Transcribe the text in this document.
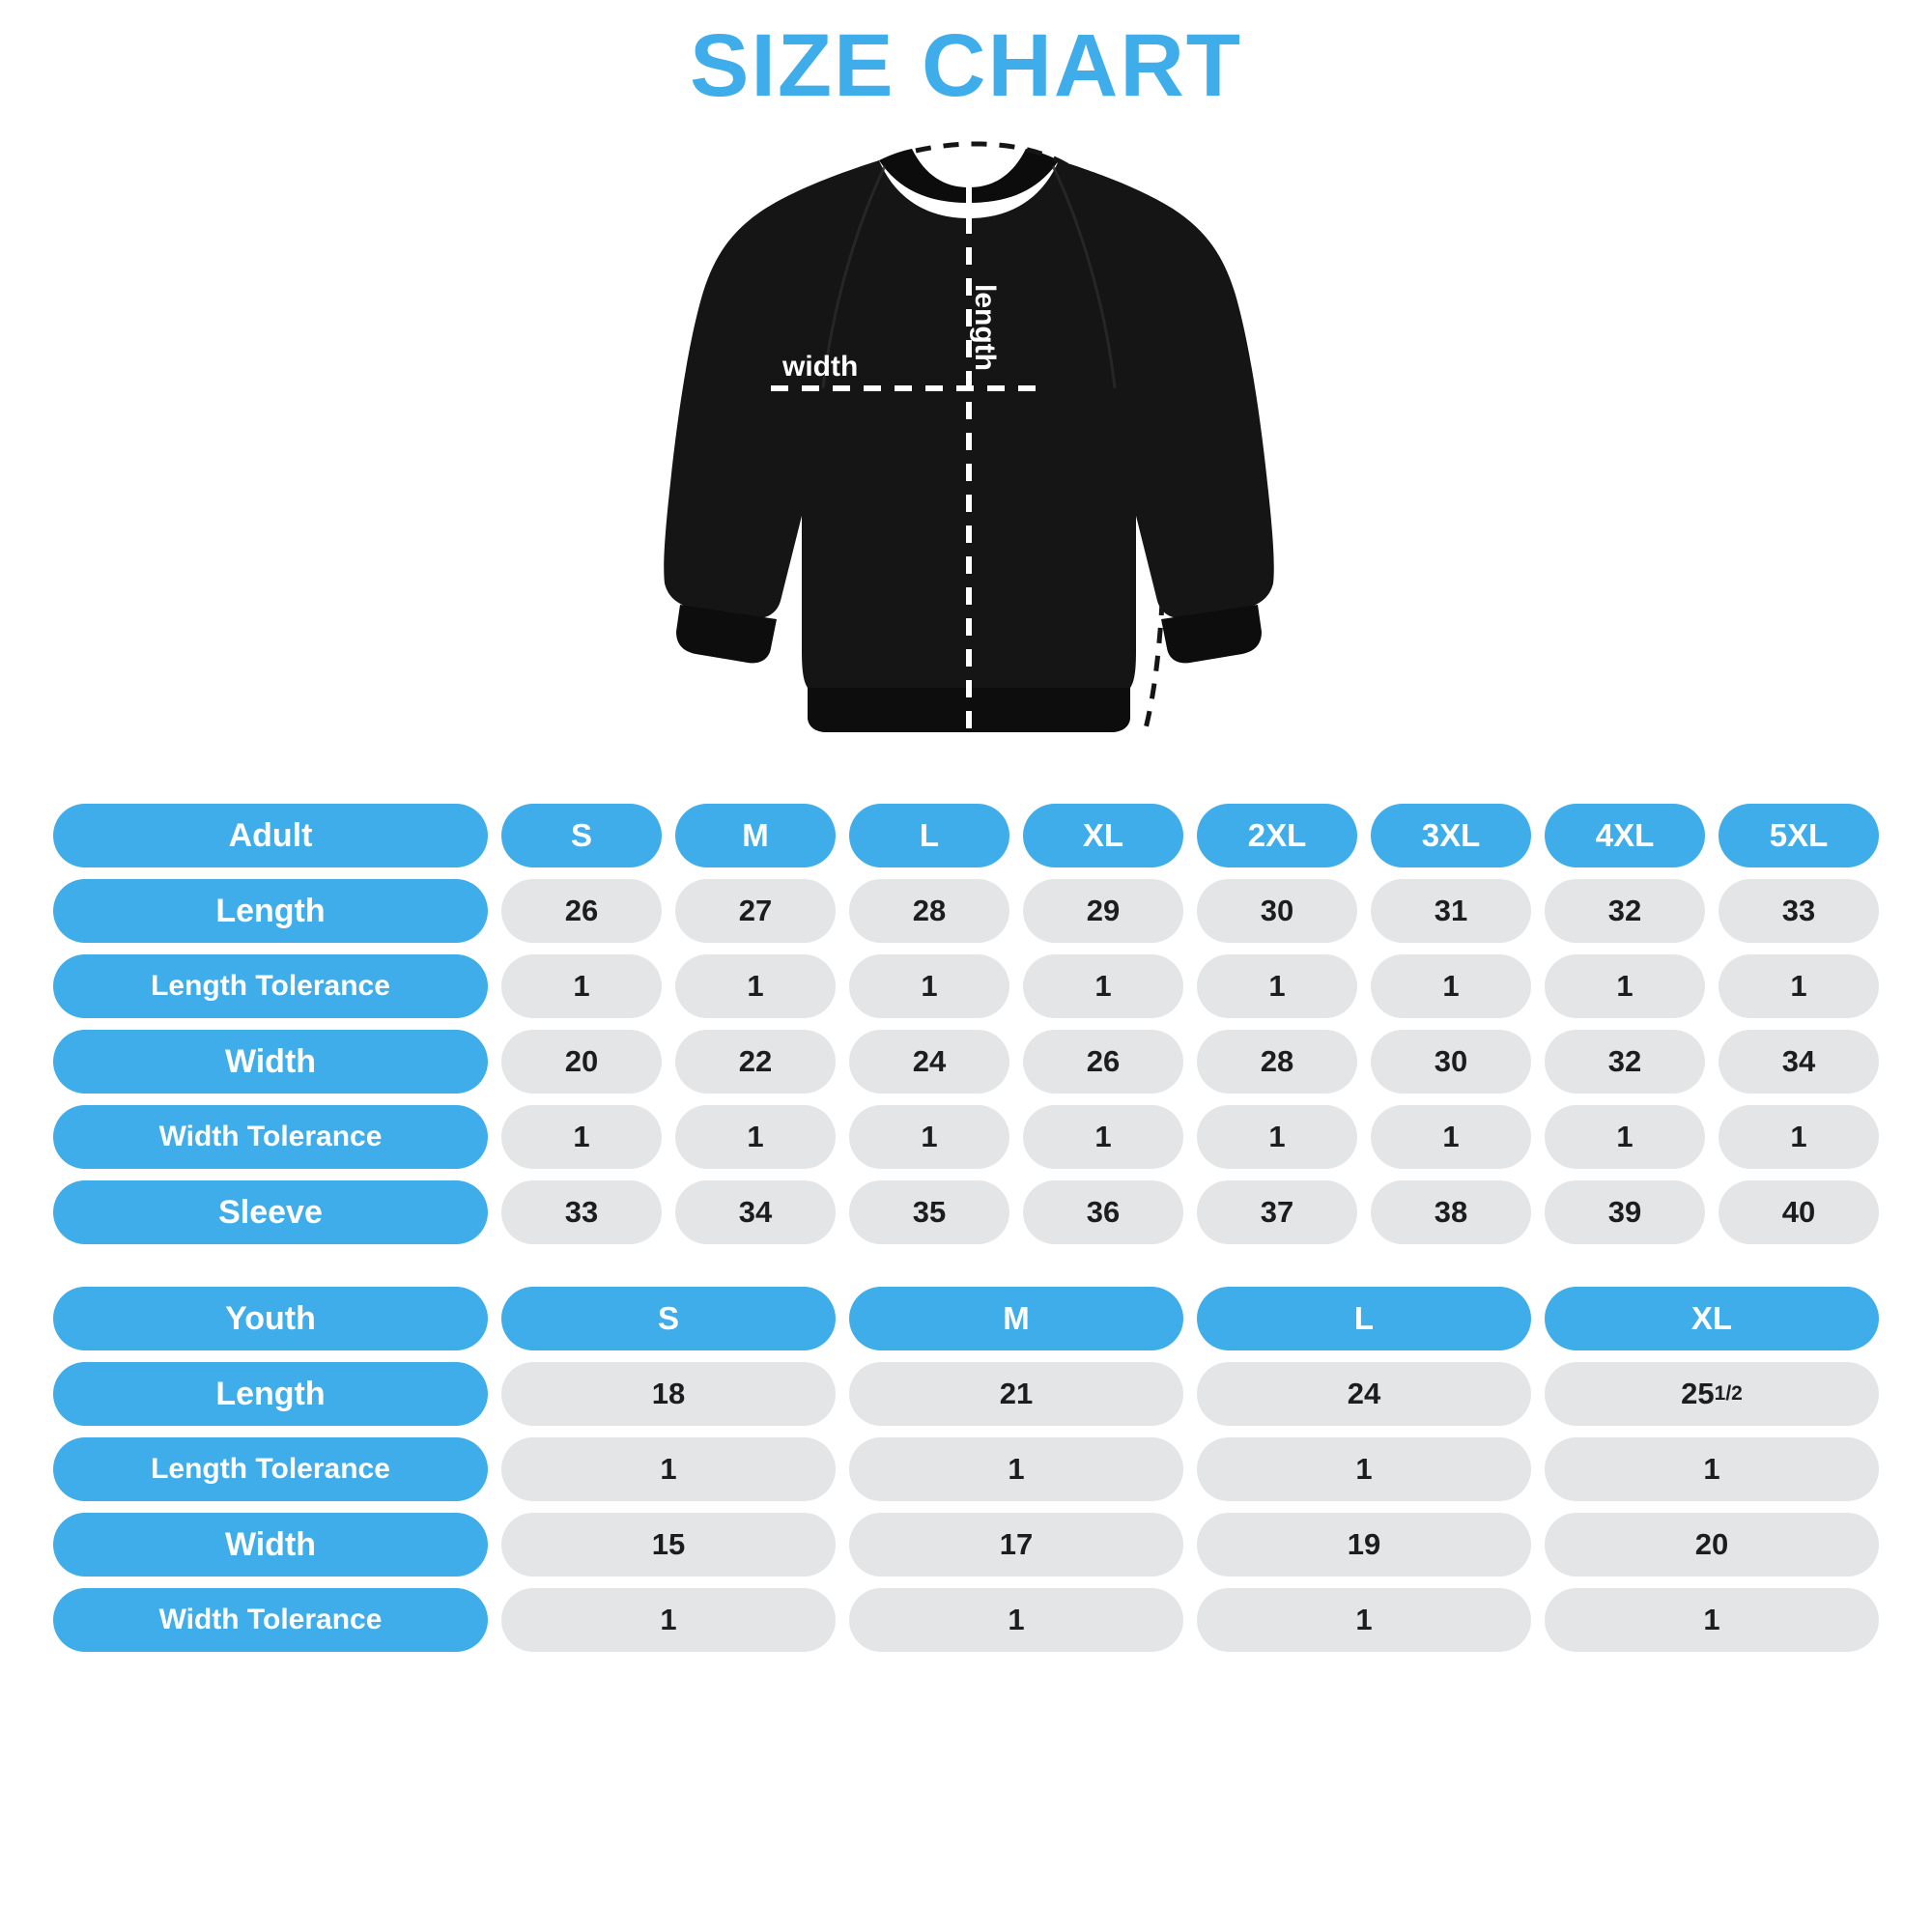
SIZE CHART
length
width
sleeve
Adult	S	M	L	XL	2XL	3XL	4XL	5XL
Length	26	27	28	29	30	31	32	33
Length Tolerance	1	1	1	1	1	1	1	1
Width	20	22	24	26	28	30	32	34
Width Tolerance	1	1	1	1	1	1	1	1
Sleeve	33	34	35	36	37	38	39	40
Youth	S	M	L	XL
Length	18	21	24	25 1/2
Length Tolerance	1	1	1	1
Width	15	17	19	20
Width Tolerance	1	1	1	1
